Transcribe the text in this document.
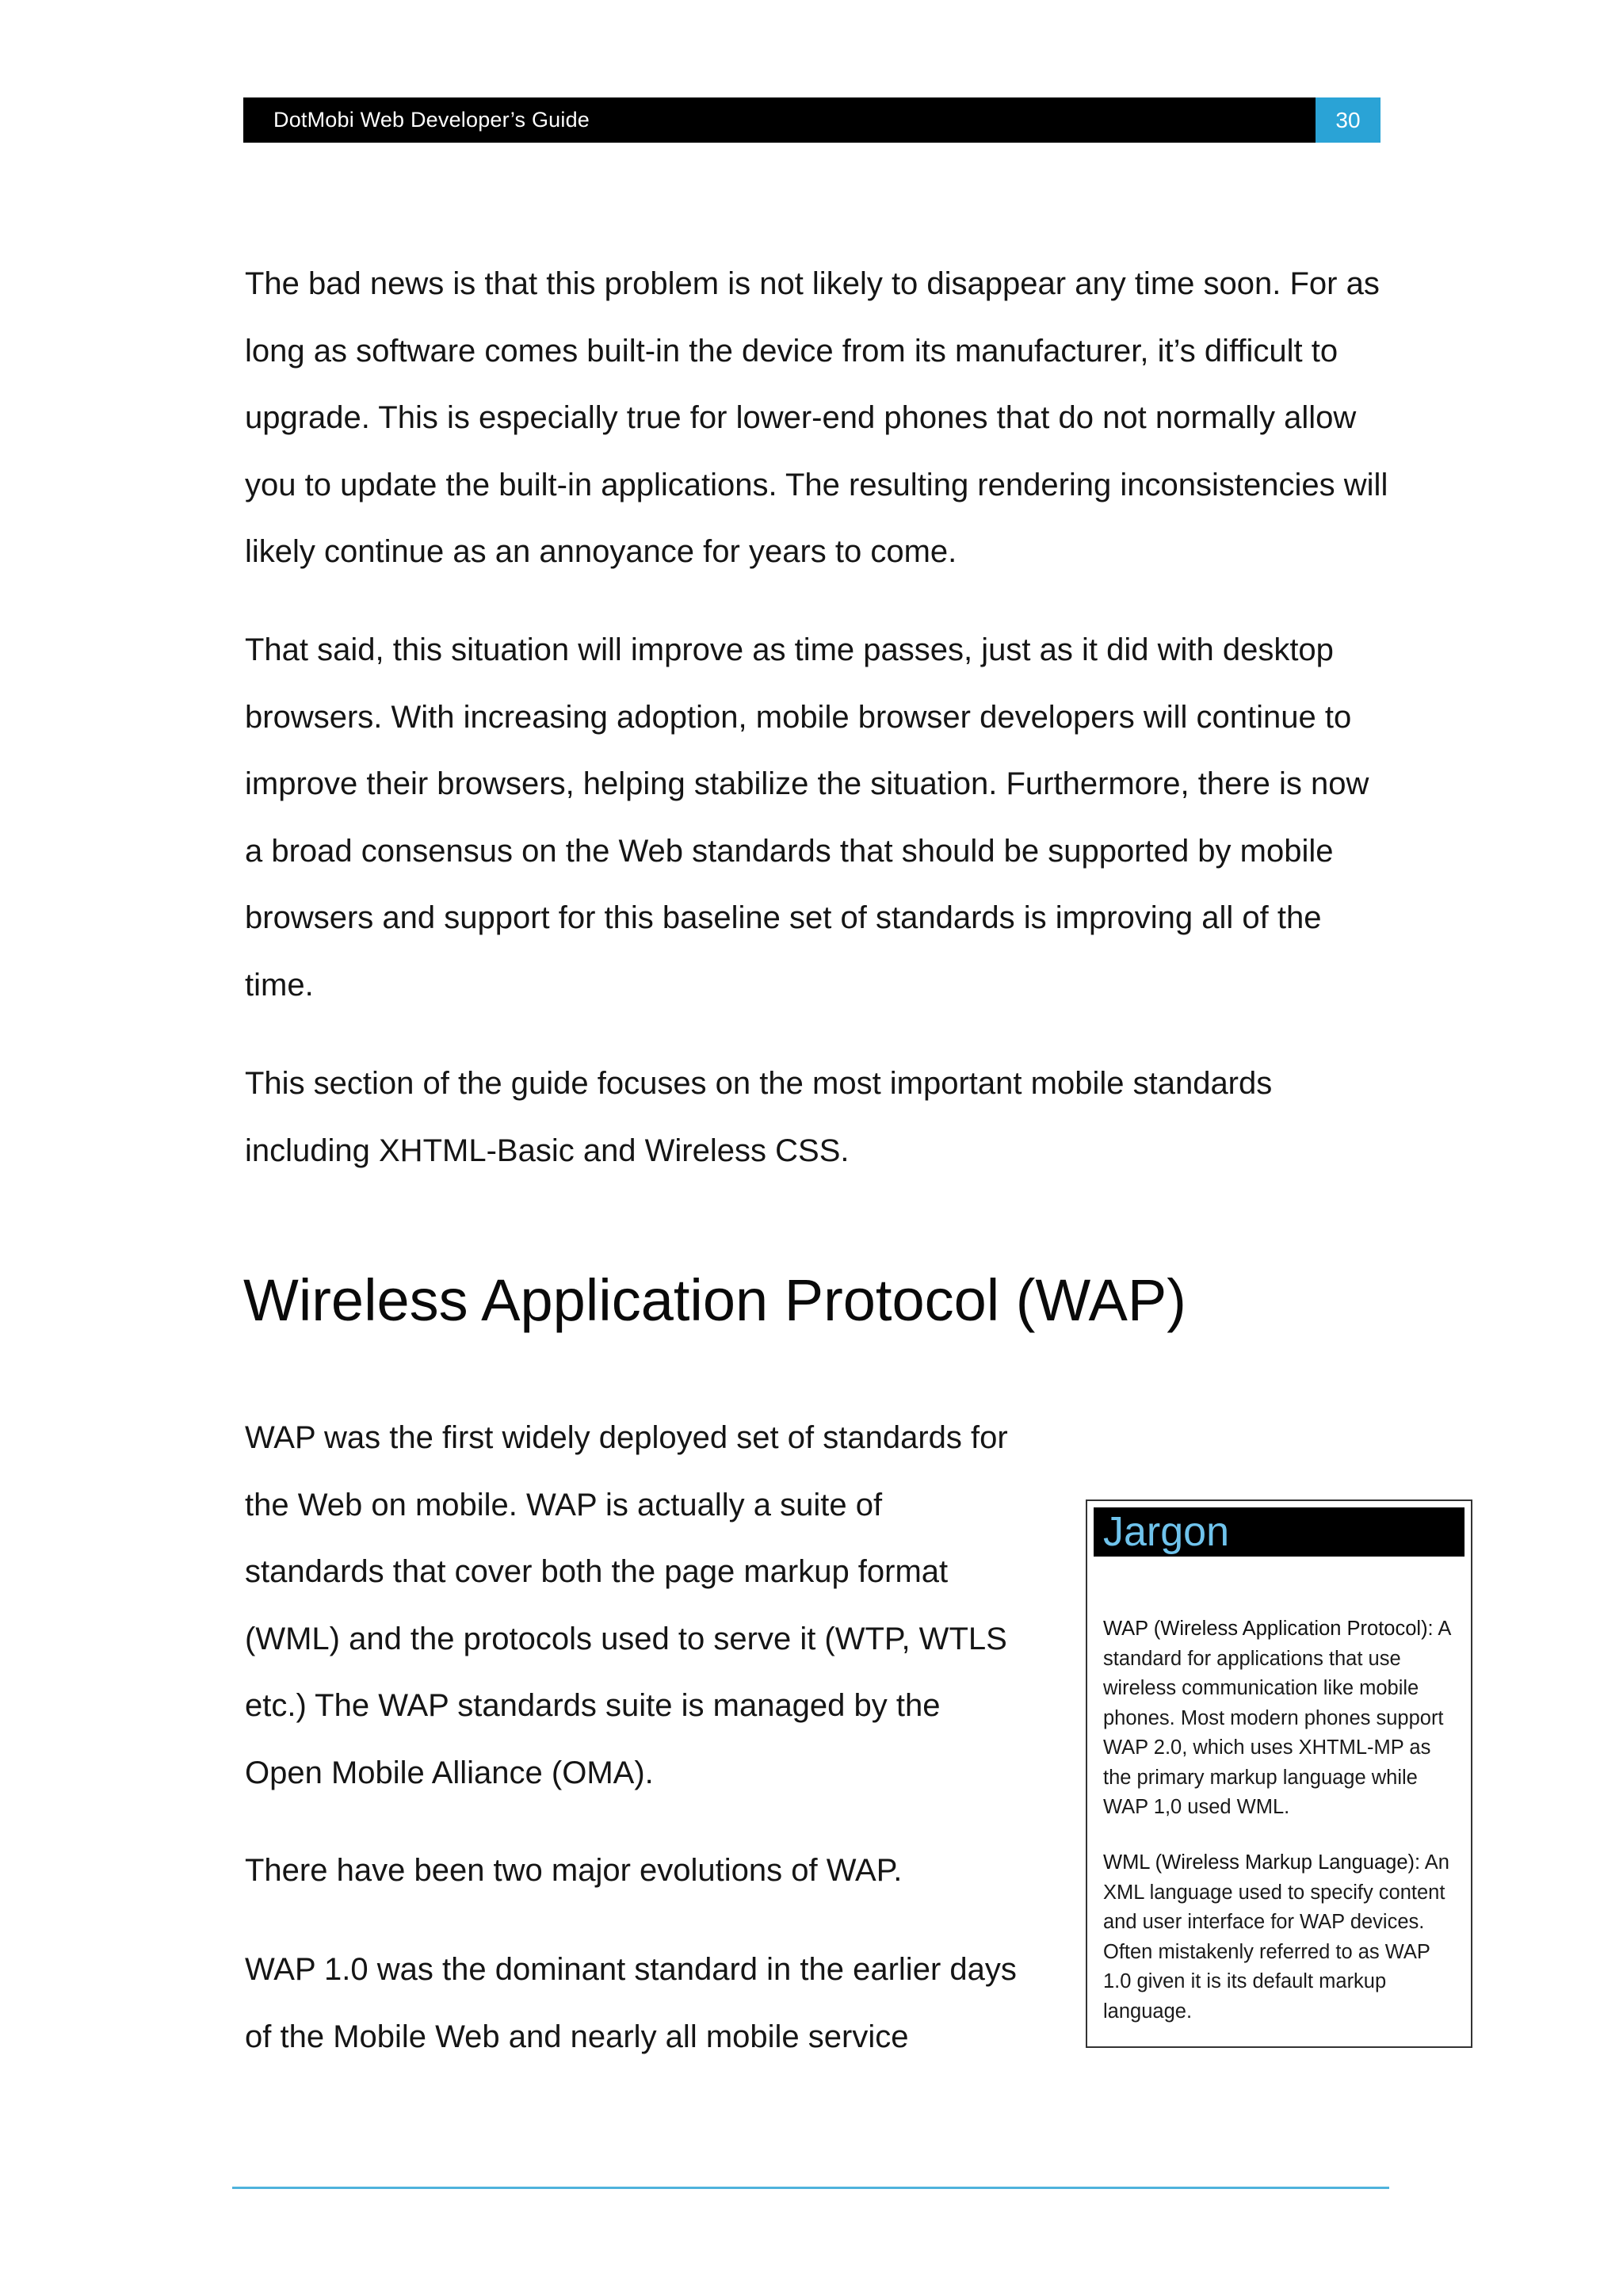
DotMobi Web Developer’s Guide	30

The bad news is that this problem is not likely to disappear any time soon. For as long as software comes built-in the device from its manufacturer, it’s difficult to upgrade. This is especially true for lower-end phones that do not normally allow you to update the built-in applications. The resulting rendering inconsistencies will likely continue as an annoyance for years to come.

That said, this situation will improve as time passes, just as it did with desktop browsers. With increasing adoption, mobile browser developers will continue to improve their browsers, helping stabilize the situation. Furthermore, there is now a broad consensus on the Web standards that should be supported by mobile browsers and support for this baseline set of standards is improving all of the time.

This section of the guide focuses on the most important mobile standards including XHTML-Basic and Wireless CSS.

Wireless Application Protocol (WAP)

WAP was the first widely deployed set of standards for the Web on mobile. WAP is actually a suite of standards that cover both the page markup format (WML) and the protocols used to serve it (WTP, WTLS etc.) The WAP standards suite is managed by the Open Mobile Alliance (OMA).

There have been two major evolutions of WAP.

WAP 1.0 was the dominant standard in the earlier days of the Mobile Web and nearly all mobile service

Jargon

WAP (Wireless Application Protocol): A standard for applications that use wireless communication like mobile phones. Most modern phones support WAP 2.0, which uses XHTML-MP as the primary markup language while WAP 1,0 used WML.

WML (Wireless Markup Language): An XML language used to specify content and user interface for WAP devices. Often mistakenly referred to as WAP 1.0 given it is its default markup language.
